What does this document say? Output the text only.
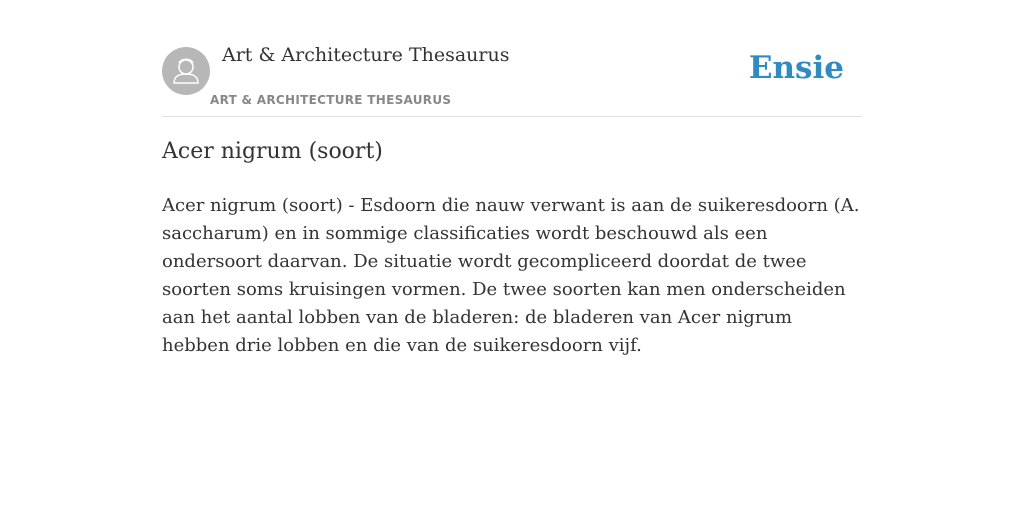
Art & Architecture Thesaurus
ART & ARCHITECTURE THESAURUS
Ensie
Acer nigrum (soort)

Acer nigrum (soort) - Esdoorn die nauw verwant is aan de suikeresdoorn (A. saccharum) en in sommige classificaties wordt beschouwd als een ondersoort daarvan. De situatie wordt gecompliceerd doordat de twee soorten soms kruisingen vormen. De twee soorten kan men onderscheiden aan het aantal lobben van de bladeren: de bladeren van Acer nigrum hebben drie lobben en die van de suikeresdoorn vijf.
